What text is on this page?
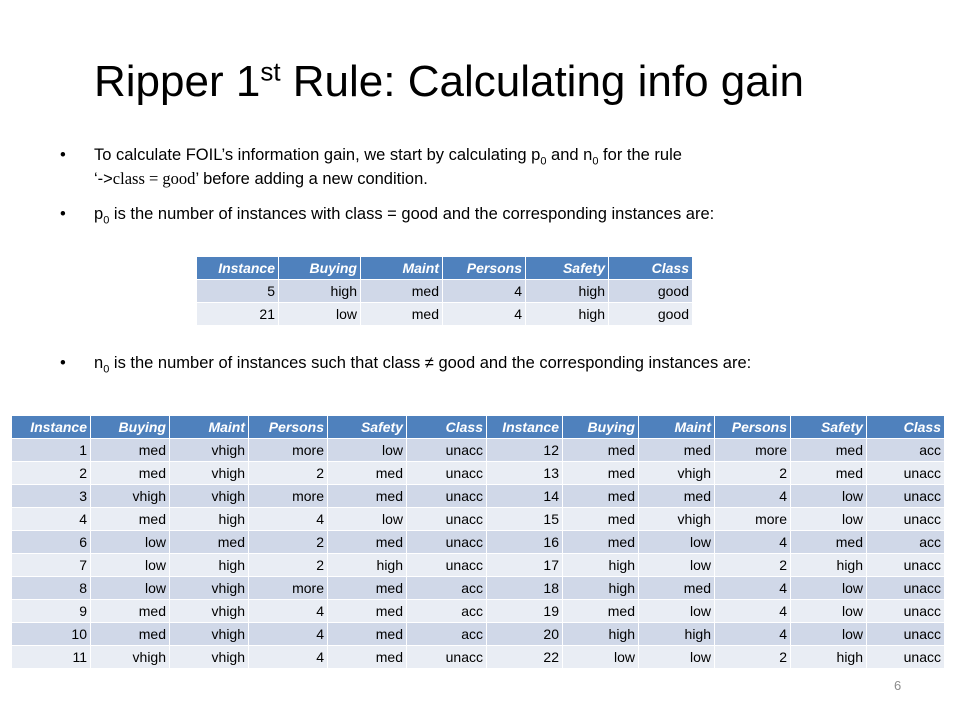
Ripper 1st Rule: Calculating info gain
• To calculate FOIL’s information gain, we start by calculating $p_0$ and $n_0$ for the rule
‘->class = good’ before adding a new condition.
• $p_0$ is the number of instances with class = good and the corresponding instances are:
Instance	Buying	Maint	Persons	Safety	Class
5	high	med	4	high	good
21	low	med	4	high	good
• $n_0$ is the number of instances such that class ≠ good and the corresponding instances are:
Instance	Buying	Maint	Persons	Safety	Class
1	med	vhigh	more	low	unacc
2	med	vhigh	2	med	unacc
3	vhigh	vhigh	more	med	unacc
4	med	high	4	low	unacc
6	low	med	2	med	unacc
7	low	high	2	high	unacc
8	low	vhigh	more	med	acc
9	med	vhigh	4	med	acc
10	med	vhigh	4	med	acc
11	vhigh	vhigh	4	med	unacc
Instance	Buying	Maint	Persons	Safety	Class
12	med	med	more	med	acc
13	med	vhigh	2	med	unacc
14	med	med	4	low	unacc
15	med	vhigh	more	low	unacc
16	med	low	4	med	acc
17	high	low	2	high	unacc
18	high	med	4	low	unacc
19	med	low	4	low	unacc
20	high	high	4	low	unacc
22	low	low	2	high	unacc
6
